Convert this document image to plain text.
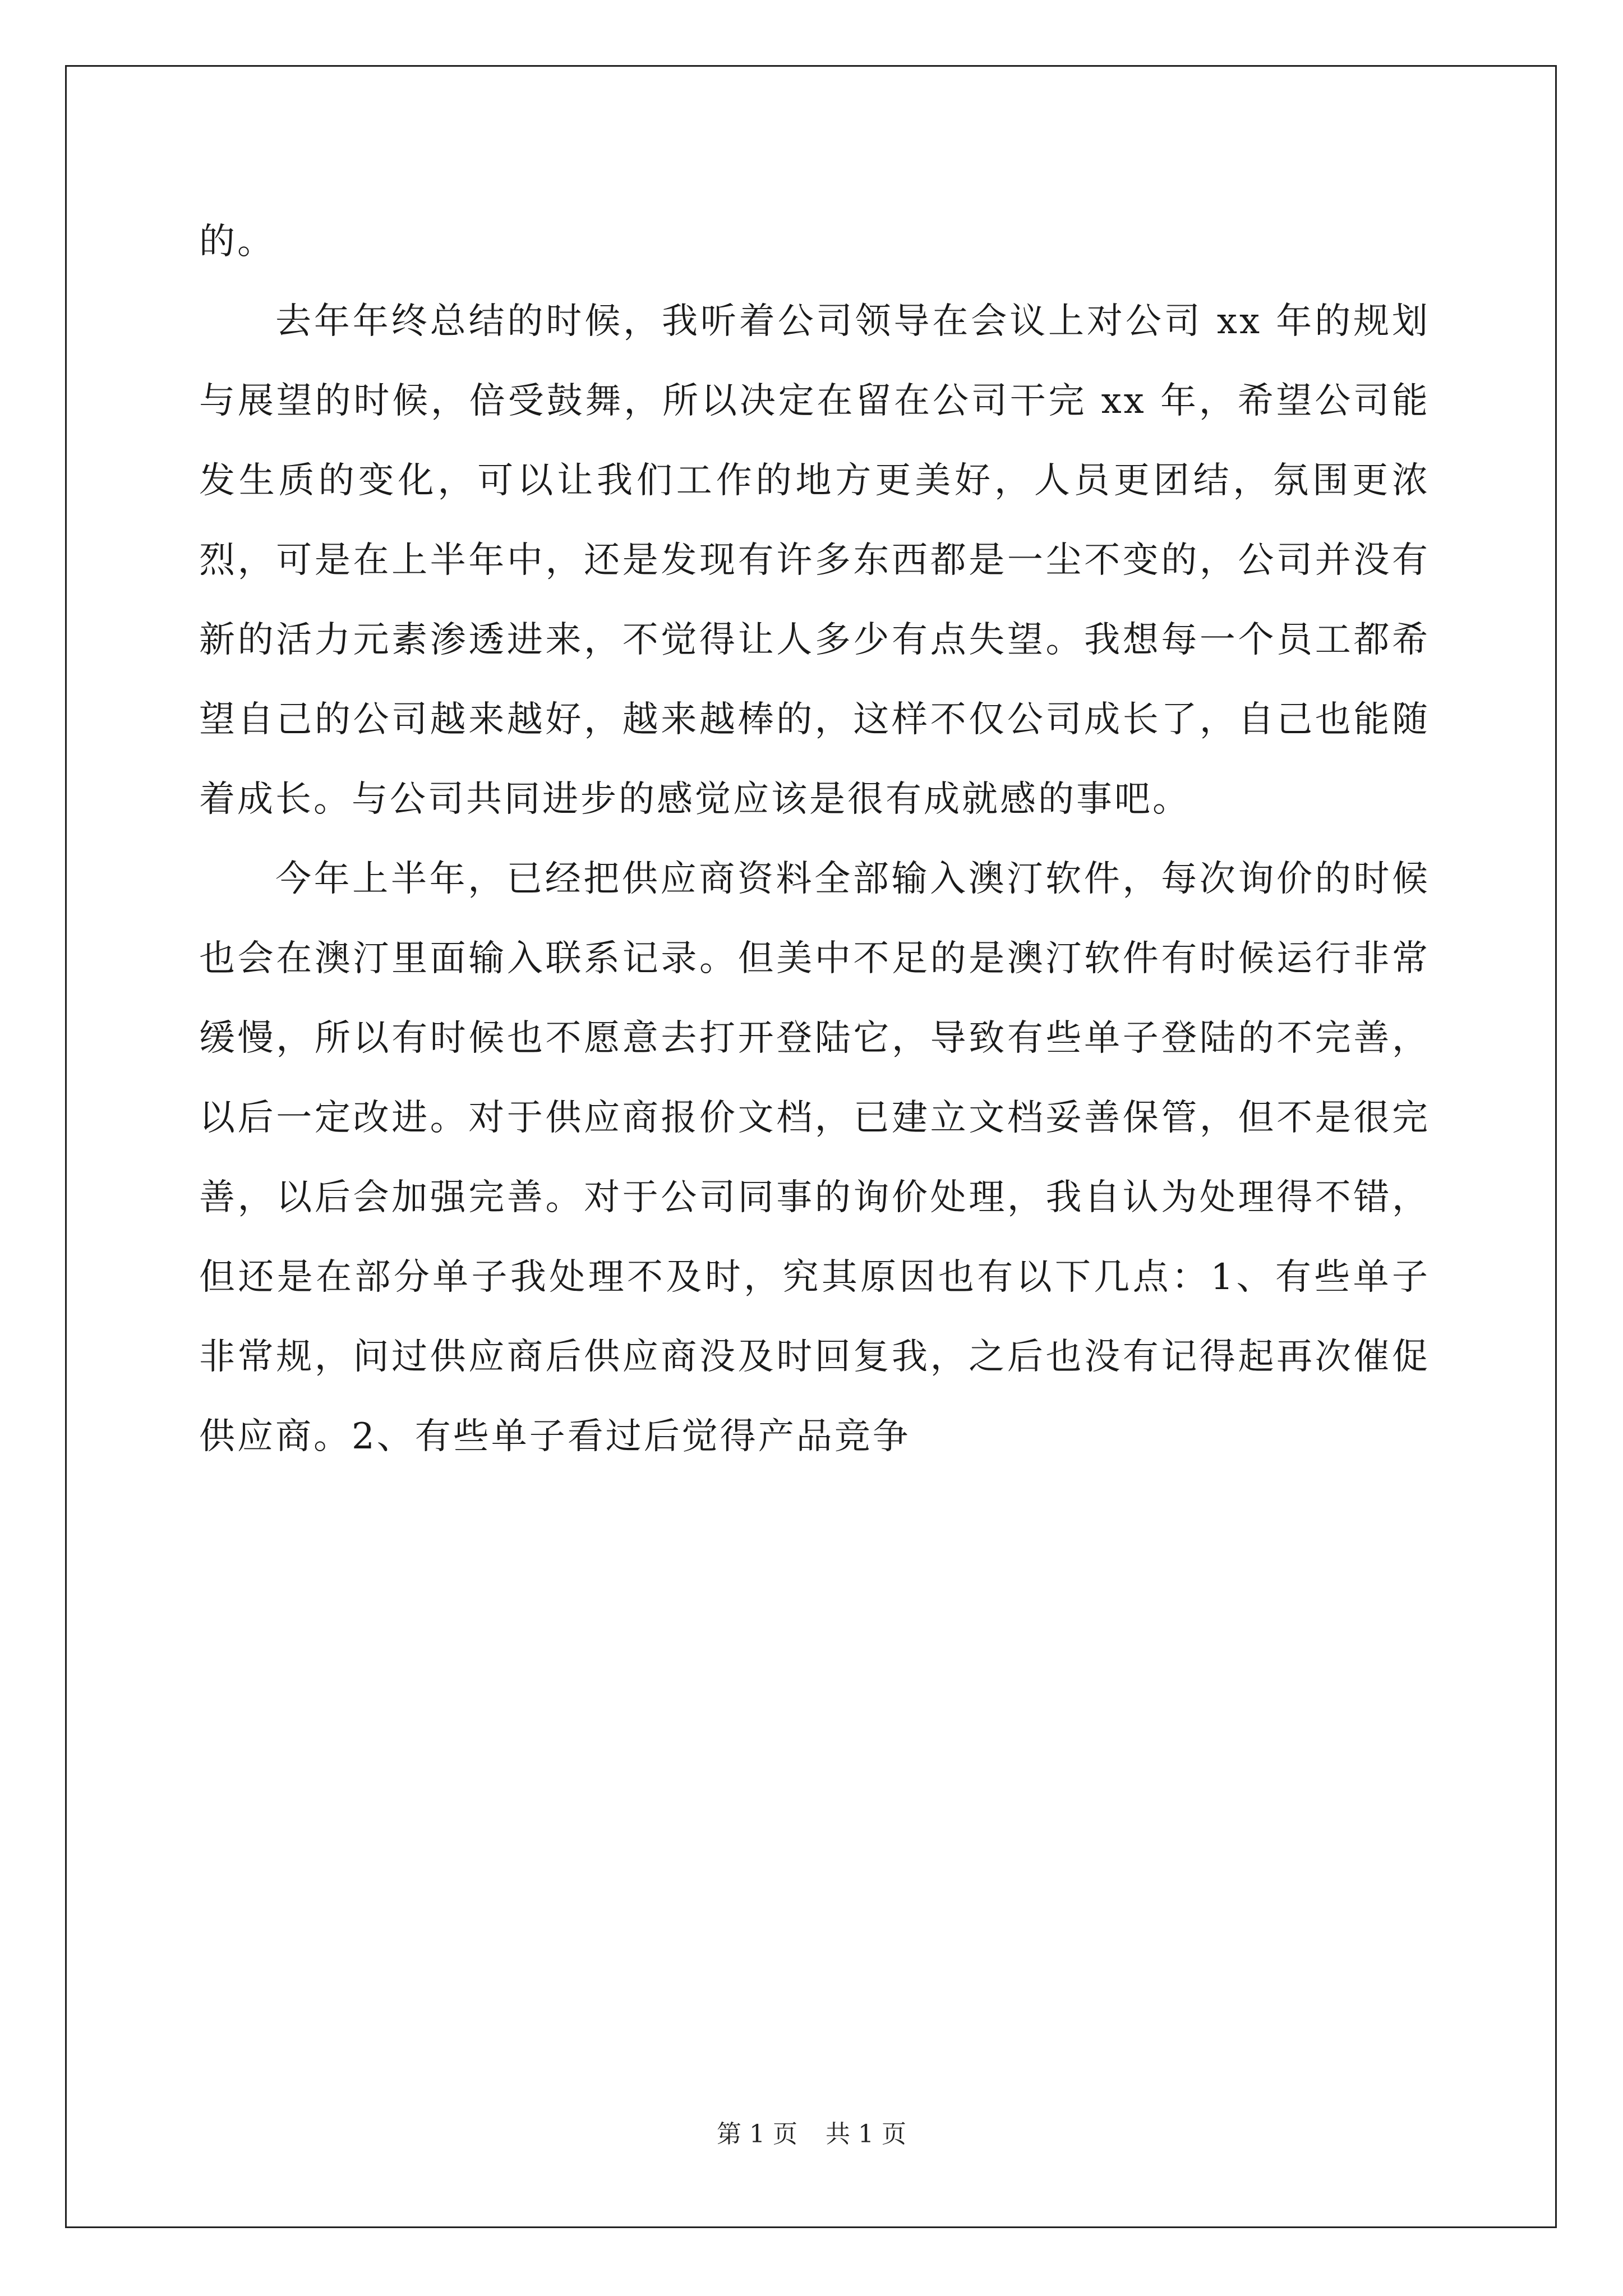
的。

去年年终总结的时候，我听着公司领导在会议上对公司 xx 年的规划与展望的时候，倍受鼓舞，所以决定在留在公司干完 xx 年，希望公司能发生质的变化，可以让我们工作的地方更美好，人员更团结，氛围更浓烈，可是在上半年中，还是发现有许多东西都是一尘不变的，公司并没有新的活力元素渗透进来，不觉得让人多少有点失望。我想每一个员工都希望自己的公司越来越好，越来越棒的，这样不仅公司成长了，自己也能随着成长。与公司共同进步的感觉应该是很有成就感的事吧。

今年上半年，已经把供应商资料全部输入澳汀软件，每次询价的时候也会在澳汀里面输入联系记录。但美中不足的是澳汀软件有时候运行非常缓慢，所以有时候也不愿意去打开登陆它，导致有些单子登陆的不完善，以后一定改进。对于供应商报价文档，已建立文档妥善保管，但不是很完善，以后会加强完善。对于公司同事的询价处理，我自认为处理得不错，但还是在部分单子我处理不及时，究其原因也有以下几点：1、有些单子非常规，问过供应商后供应商没及时回复我，之后也没有记得起再次催促供应商。2、有些单子看过后觉得产品竞争

第 1 页 共 1 页
